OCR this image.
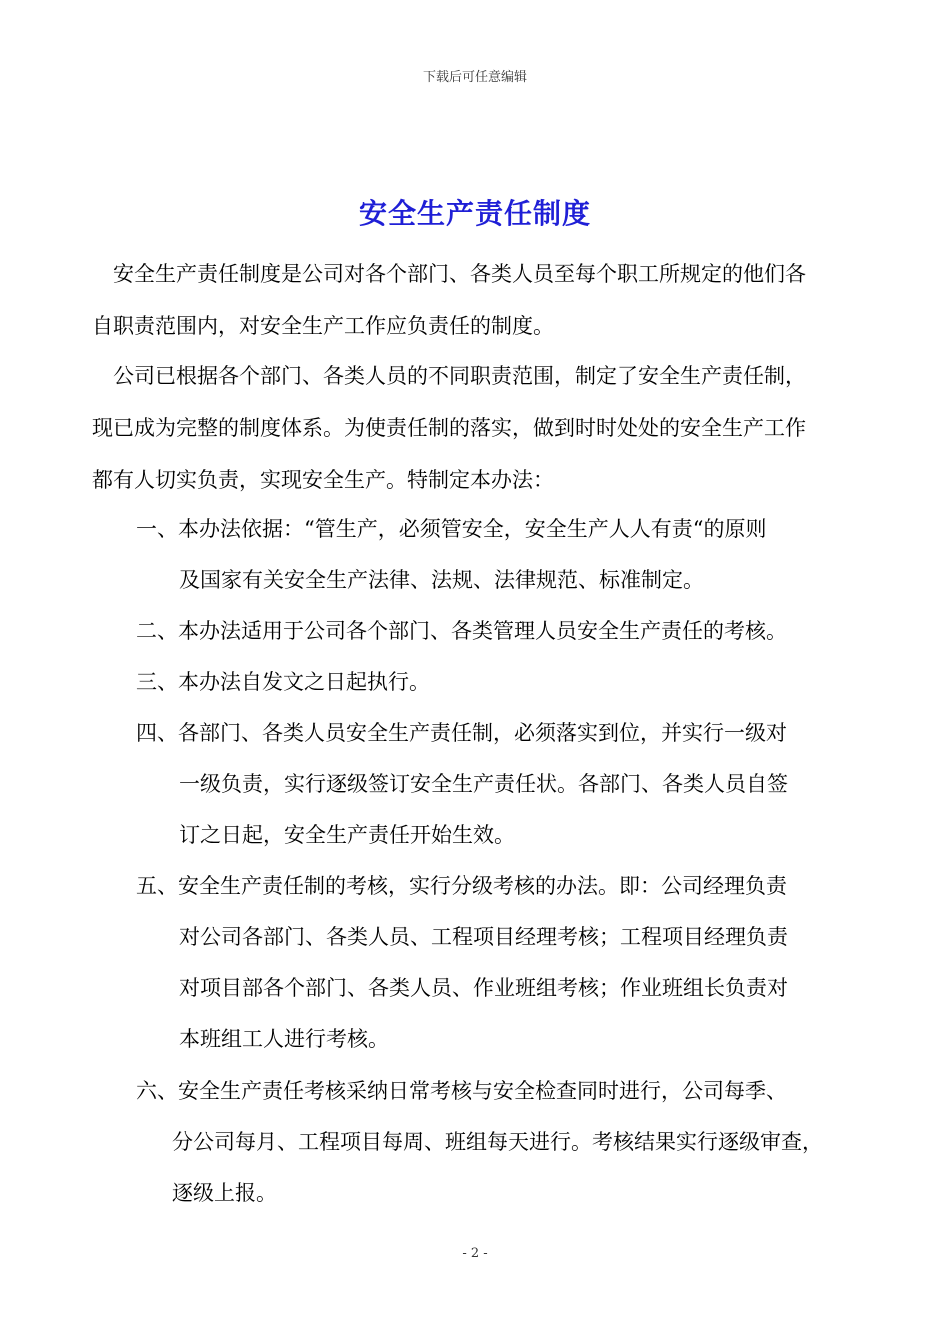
下载后可任意编辑
安全生产责任制度
安全生产责任制度是公司对各个部门、各类人员至每个职工所规定的他们各
自职责范围内，对安全生产工作应负责任的制度。
公司已根据各个部门、各类人员的不同职责范围，制定了安全生产责任制，
现已成为完整的制度体系。为使责任制的落实，做到时时处处的安全生产工作
都有人切实负责，实现安全生产。特制定本办法：
一、本办法依据：“管生产，必须管安全，安全生产人人有责“的原则
及国家有关安全生产法律、法规、法律规范、标准制定。
二、本办法适用于公司各个部门、各类管理人员安全生产责任的考核。
三、本办法自发文之日起执行。
四、各部门、各类人员安全生产责任制，必须落实到位，并实行一级对
一级负责，实行逐级签订安全生产责任状。各部门、各类人员自签
订之日起，安全生产责任开始生效。
五、安全生产责任制的考核，实行分级考核的办法。即：公司经理负责
对公司各部门、各类人员、工程项目经理考核；工程项目经理负责
对项目部各个部门、各类人员、作业班组考核；作业班组长负责对
本班组工人进行考核。
六、安全生产责任考核采纳日常考核与安全检查同时进行，公司每季、
分公司每月、工程项目每周、班组每天进行。考核结果实行逐级审查，
逐级上报。
- 2 -
